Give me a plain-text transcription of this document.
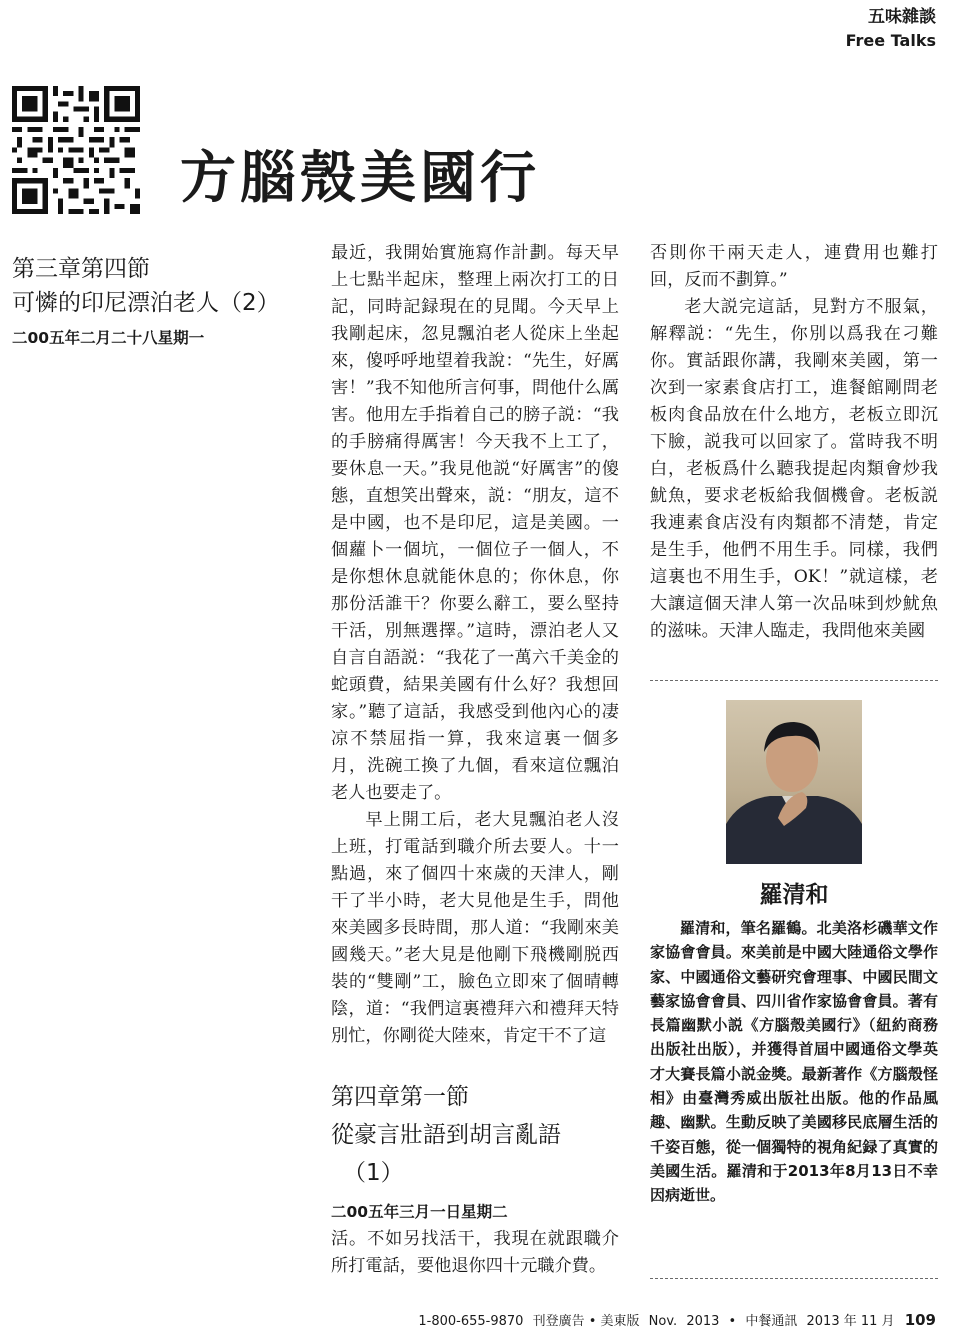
五味雜談
Free Talks
方腦殼美國行
第三章第四節
可憐的印尼漂泊老人（2）
二00五年二月二十八星期一

最近，我開始實施寫作計劃。每天早上七點半起床，整理上兩次打工的日記，同時記録現在的見聞。今天早上我剛起床，忽見飄泊老人從床上坐起來，傻呼呼地望着我說：“先生，好厲害！”我不知他所言何事，問他什么厲害。他用左手指着自己的膀子説：“我的手膀痛得厲害！今天我不上工了，要休息一天。”我見他説“好厲害”的傻態，直想笑出聲來，説：“朋友，這不是中國，也不是印尼，這是美國。一個蘿卜一個坑，一個位子一個人，不是你想休息就能休息的；你休息，你那份活誰干？你要么辭工，要么堅持干活，別無選擇。”這時，漂泊老人又自言自語説：“我花了一萬六千美金的蛇頭費，結果美國有什么好？我想回家。”聽了這話，我感受到他內心的凄凉不禁屈指一算，我來這裏一個多月，洗碗工換了九個，看來這位飄泊老人也要走了。

早上開工后，老大見飄泊老人沒上班，打電話到職介所去要人。十一點過，來了個四十來歲的天津人，剛干了半小時，老大見他是生手，問他來美國多長時間，那人道：“我剛來美國幾天。”老大見是他剛下飛機剛脱西裝的“雙剛”工，臉色立即來了個晴轉陰，道：“我們這裏禮拜六和禮拜天特別忙，你剛從大陸來，肯定干不了這

否則你干兩天走人，連費用也難打回，反而不劃算。”

老大説完這話，見對方不服氣，解釋説：“先生，你別以爲我在刁難你。實話跟你講，我剛來美國，第一次到一家素食店打工，進餐館剛問老板肉食品放在什么地方，老板立即沉下臉，説我可以回家了。當時我不明白，老板爲什么聽我提起肉類會炒我魷魚，要求老板給我個機會。老板説我連素食店没有肉類都不清楚，肯定是生手，他們不用生手。同樣，我們這裏也不用生手，OK！”就這樣，老大讓這個天津人第一次品味到炒魷魚的滋味。天津人臨走，我問他來美國

第四章第一節
從豪言壯語到胡言亂語
（1）
二00五年三月一日星期二

活。不如另找活干，我現在就跟職介所打電話，要他退你四十元職介費。

羅清和

羅清和，筆名羅鶴。北美洛杉磯華文作家協會會員。來美前是中國大陸通俗文學作家、中國通俗文藝研究會理事、中國民間文藝家協會會員、四川省作家協會會員。著有長篇幽默小説《方腦殼美國行》（紐約商務出版社出版），并獲得首屆中國通俗文學英才大賽長篇小説金獎。最新著作《方腦殼怪相》由臺灣秀威出版社出版。他的作品風趣、幽默。生動反映了美國移民底層生活的千姿百態，從一個獨特的視角紀録了真實的美國生活。羅清和于2013年8月13日不幸因病逝世。

1-800-655-9870 刊登廣告 • 美東版 Nov. 2013 • 中餐通訊 2013 年 11 月 109
